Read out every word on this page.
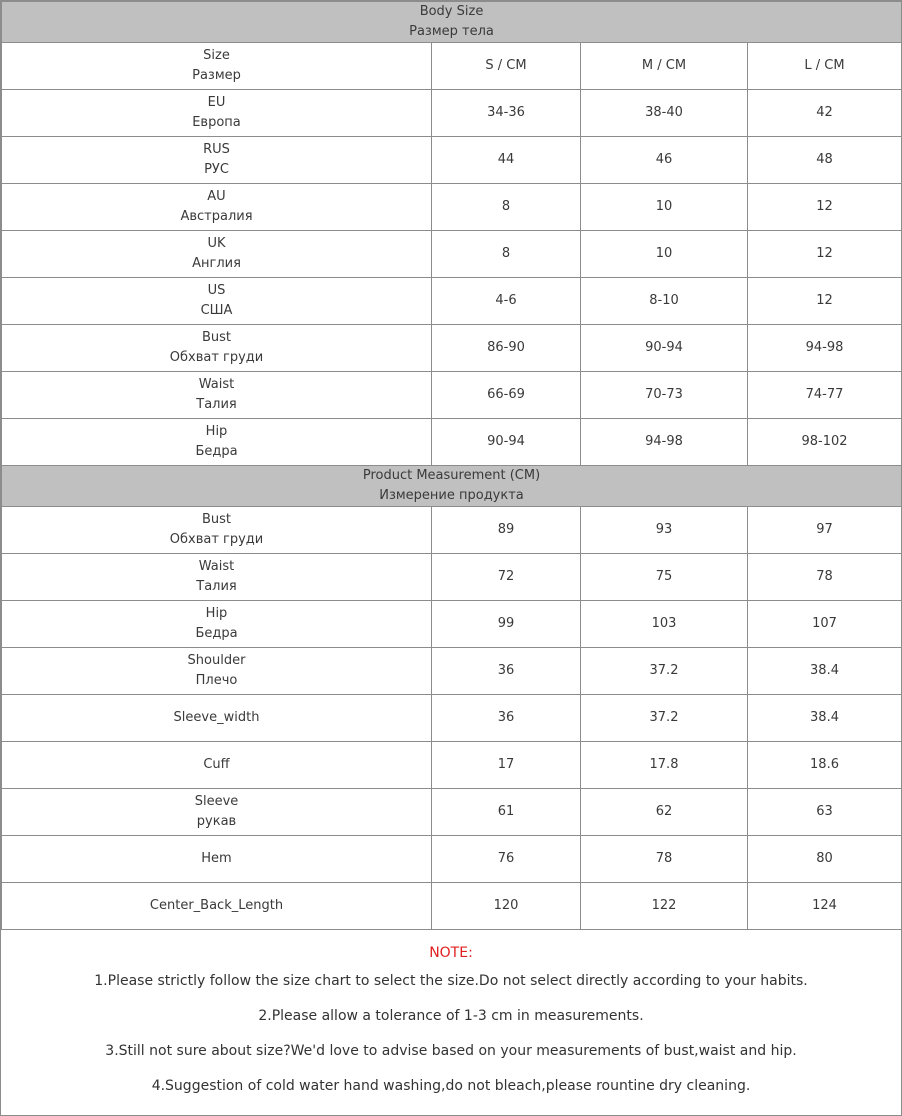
Body Size
Размер тела			

Size
Размер	S / CM	M / CM	L / CM

EU
Европа	34-36	38-40	42

RUS
РУС	44	46	48

AU
Австралия	8	10	12

UK
Англия	8	10	12

US
США	4-6	8-10	12

Bust
Обхват груди	86-90	90-94	94-98

Waist
Талия	66-69	70-73	74-77

Hip
Бедра	90-94	94-98	98-102

Product Measurement (CM)
Измерение продукта			

Bust
Обхват груди	89	93	97

Waist
Талия	72	75	78

Hip
Бедра	99	103	107

Shoulder
Плечо	36	37.2	38.4

Sleeve_width	36	37.2	38.4

Cuff	17	17.8	18.6

Sleeve
рукав	61	62	63

Hem	76	78	80

Center_Back_Length	120	122	124
NOTE:
1.Please strictly follow the size chart to select the size.Do not select directly according to your habits.
2.Please allow a tolerance of 1-3 cm in measurements.
3.Still not sure about size?We'd love to advise based on your measurements of bust,waist and hip.
4.Suggestion of cold water hand washing,do not bleach,please rountine dry cleaning.
